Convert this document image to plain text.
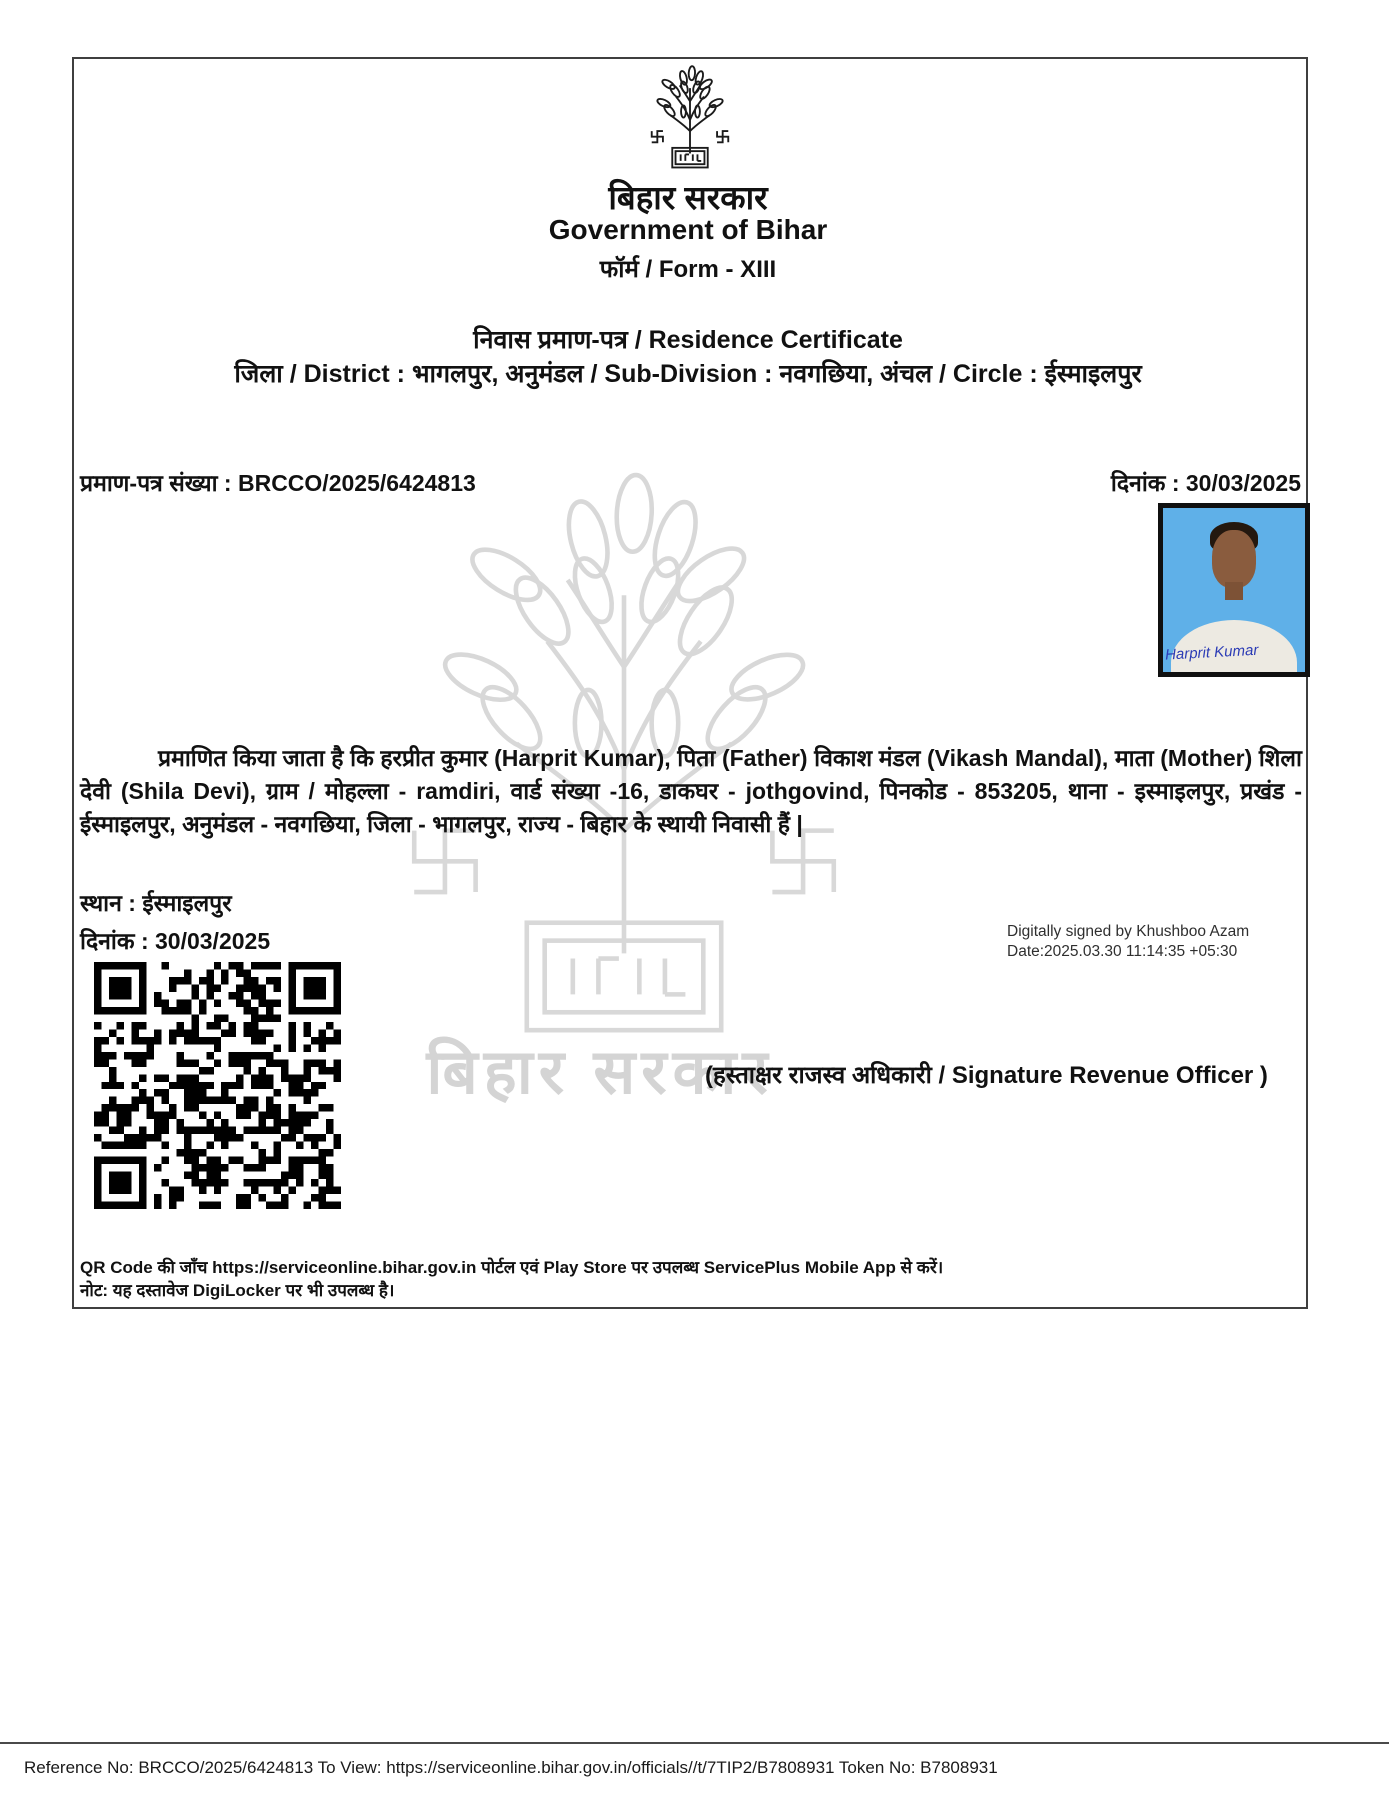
बिहार सरकार
बिहार सरकार
Government of Bihar
फॉर्म / Form - XIII
निवास प्रमाण-पत्र / Residence Certificate
जिला / District : भागलपुर, अनुमंडल / Sub-Division : नवगछिया, अंचल / Circle : ईस्माइलपुर
प्रमाण-पत्र संख्या : BRCCO/2025/6424813	दिनांक : 30/03/2025
Harprit Kumar
प्रमाणित किया जाता है कि हरप्रीत कुमार (Harprit Kumar), पिता (Father) विकाश मंडल (Vikash Mandal), माता (Mother) शिला देवी (Shila Devi), ग्राम / मोहल्ला - ramdiri, वार्ड संख्या -16, डाकघर - jothgovind, पिनकोड - 853205, थाना - इस्माइलपुर, प्रखंड - ईस्माइलपुर, अनुमंडल - नवगछिया, जिला - भागलपुर, राज्य - बिहार के स्थायी निवासी हैं |
स्थान : ईस्माइलपुर
दिनांक : 30/03/2025	Digitally signed by Khushboo Azam
Date:2025.03.30 11:14:35 +05:30
(हस्ताक्षर राजस्व अधिकारी / Signature Revenue Officer )
QR Code की जाँच https://serviceonline.bihar.gov.in पोर्टल एवं Play Store पर उपलब्ध ServicePlus Mobile App से करें।
नोट: यह दस्तावेज DigiLocker पर भी उपलब्ध है।
Reference No: BRCCO/2025/6424813 To View: https://serviceonline.bihar.gov.in/officials//t/7TIP2/B7808931 Token No: B7808931
